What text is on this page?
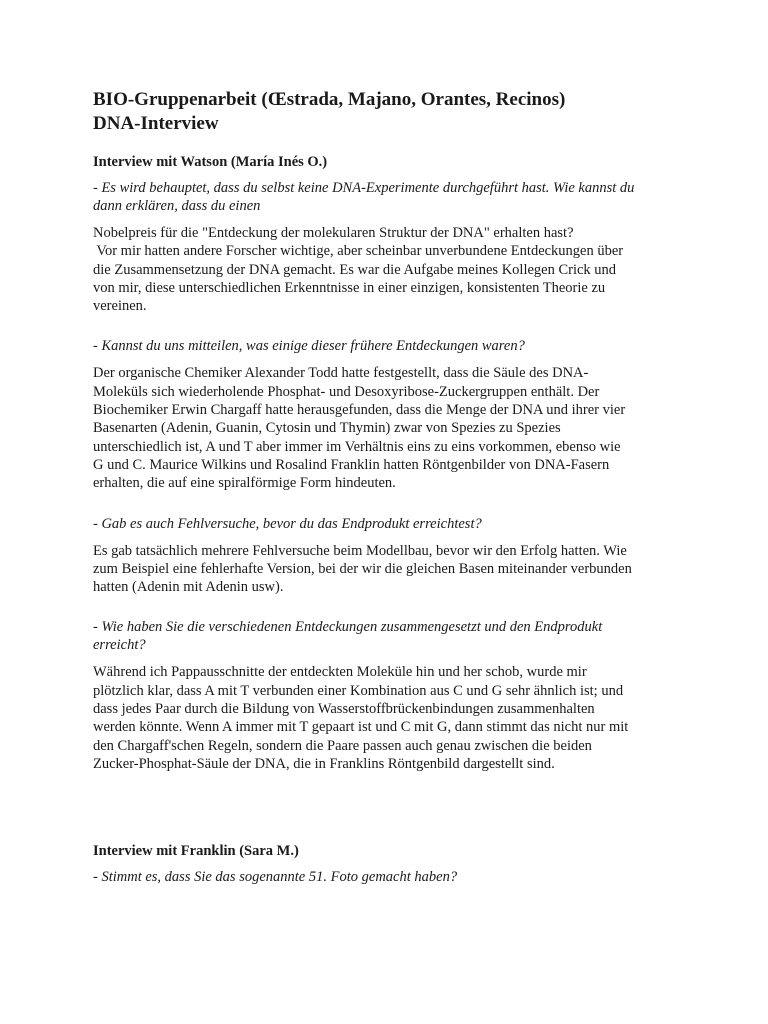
BIO-Gruppenarbeit (Œstrada, Majano, Orantes, Recinos)
DNA-Interview
Interview mit Watson (María Inés O.)
- Es wird behauptet, dass du selbst keine DNA-Experimente durchgeführt hast. Wie kannst du
dann erklären, dass du einen
Nobelpreis für die "Entdeckung der molekularen Struktur der DNA" erhalten hast?
Vor mir hatten andere Forscher wichtige, aber scheinbar unverbundene Entdeckungen über
die Zusammensetzung der DNA gemacht. Es war die Aufgabe meines Kollegen Crick und
von mir, diese unterschiedlichen Erkenntnisse in einer einzigen, konsistenten Theorie zu
vereinen.
- Kannst du uns mitteilen, was einige dieser frühere Entdeckungen waren?
Der organische Chemiker Alexander Todd hatte festgestellt, dass die Säule des DNA-
Moleküls sich wiederholende Phosphat- und Desoxyribose-Zuckergruppen enthält. Der
Biochemiker Erwin Chargaff hatte herausgefunden, dass die Menge der DNA und ihrer vier
Basenarten (Adenin, Guanin, Cytosin und Thymin) zwar von Spezies zu Spezies
unterschiedlich ist, A und T aber immer im Verhältnis eins zu eins vorkommen, ebenso wie
G und C. Maurice Wilkins und Rosalind Franklin hatten Röntgenbilder von DNA-Fasern
erhalten, die auf eine spiralförmige Form hindeuten.
- Gab es auch Fehlversuche, bevor du das Endprodukt erreichtest?
Es gab tatsächlich mehrere Fehlversuche beim Modellbau, bevor wir den Erfolg hatten. Wie
zum Beispiel eine fehlerhafte Version, bei der wir die gleichen Basen miteinander verbunden
hatten (Adenin mit Adenin usw).
- Wie haben Sie die verschiedenen Entdeckungen zusammengesetzt und den Endprodukt
erreicht?
Während ich Pappausschnitte der entdeckten Moleküle hin und her schob, wurde mir
plötzlich klar, dass A mit T verbunden einer Kombination aus C und G sehr ähnlich ist; und
dass jedes Paar durch die Bildung von Wasserstoffbrückenbindungen zusammenhalten
werden könnte. Wenn A immer mit T gepaart ist und C mit G, dann stimmt das nicht nur mit
den Chargaff'schen Regeln, sondern die Paare passen auch genau zwischen die beiden
Zucker-Phosphat-Säule der DNA, die in Franklins Röntgenbild dargestellt sind.
Interview mit Franklin (Sara M.)
- Stimmt es, dass Sie das sogenannte 51. Foto gemacht haben?
